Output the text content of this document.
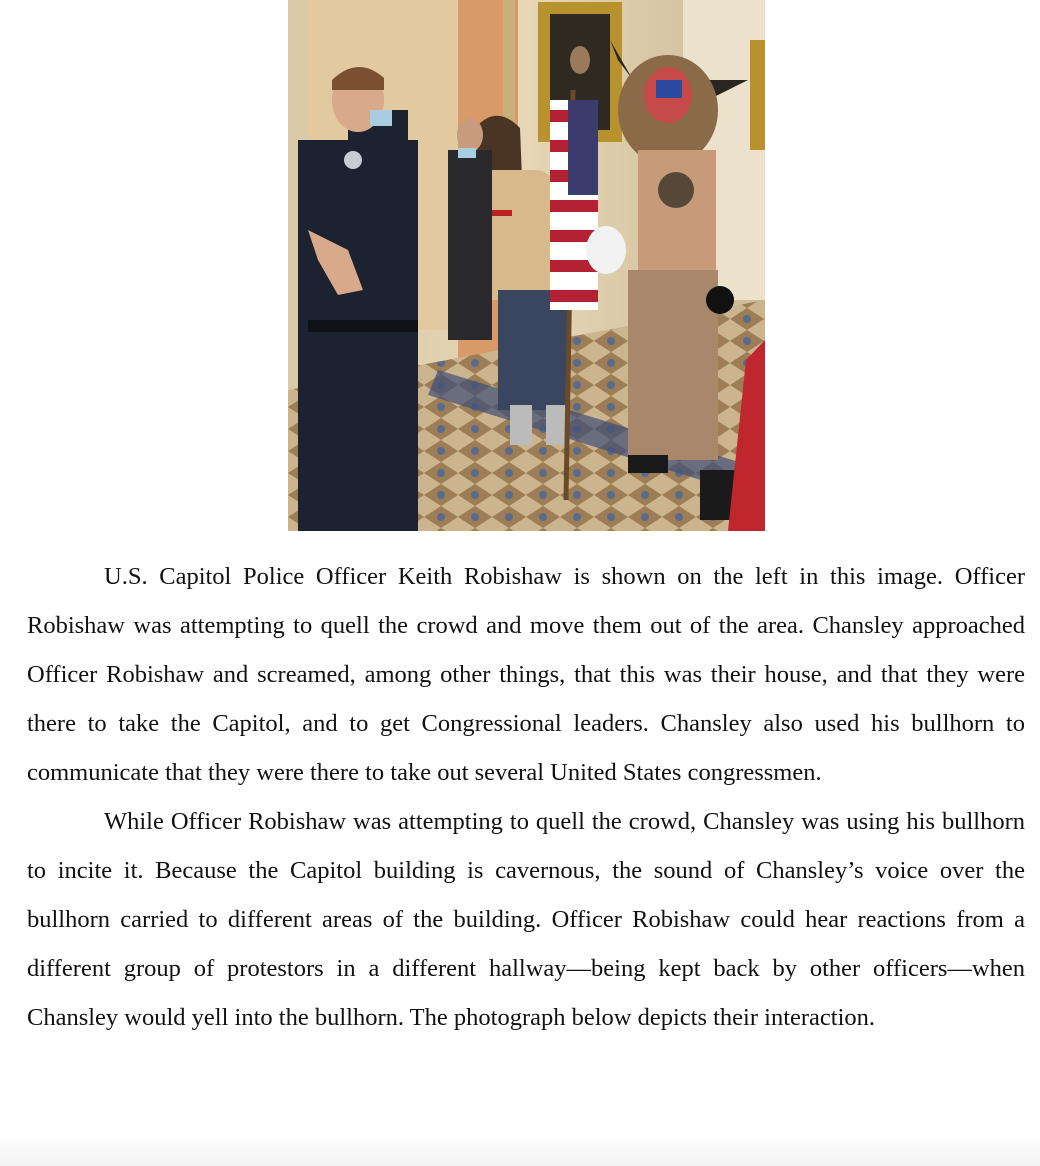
U.S. Capitol Police Officer Keith Robishaw is shown on the left in this image. Officer Robishaw was attempting to quell the crowd and move them out of the area. Chansley approached Officer Robishaw and screamed, among other things, that this was their house, and that they were there to take the Capitol, and to get Congressional leaders. Chansley also used his bullhorn to communicate that they were there to take out several United States congressmen.

While Officer Robishaw was attempting to quell the crowd, Chansley was using his bullhorn to incite it. Because the Capitol building is cavernous, the sound of Chansley’s voice over the bullhorn carried to different areas of the building. Officer Robishaw could hear reactions from a different group of protestors in a different hallway—being kept back by other officers—when Chansley would yell into the bullhorn. The photograph below depicts their interaction.
